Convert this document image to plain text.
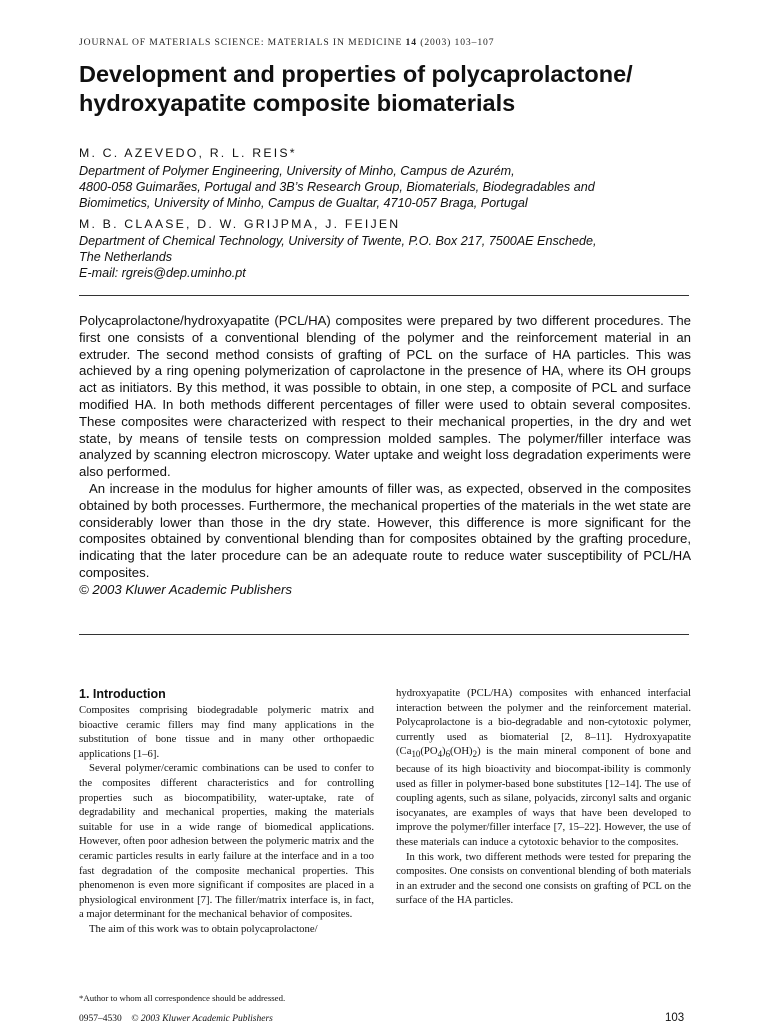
JOURNAL OF MATERIALS SCIENCE: MATERIALS IN MEDICINE 14 (2003) 103–107
Development and properties of polycaprolactone/
hydroxyapatite composite biomaterials
M. C. AZEVEDO, R. L. REIS*
Department of Polymer Engineering, University of Minho, Campus de Azurém,
4800-058 Guimarães, Portugal and 3B’s Research Group, Biomaterials, Biodegradables and
Biomimetics, University of Minho, Campus de Gualtar, 4710-057 Braga, Portugal
M. B. CLAASE, D. W. GRIJPMA, J. FEIJEN
Department of Chemical Technology, University of Twente, P.O. Box 217, 7500AE Enschede,
The Netherlands
E-mail: rgreis@dep.uminho.pt

Polycaprolactone/hydroxyapatite (PCL/HA) composites were prepared by two different procedures. The first one consists of a conventional blending of the polymer and the reinforcement material in an extruder. The second method consists of grafting of PCL on the surface of HA particles. This was achieved by a ring opening polymerization of caprolactone in the presence of HA, where its OH groups act as initiators. By this method, it was possible to obtain, in one step, a composite of PCL and surface modified HA. In both methods different percentages of filler were used to obtain several composites. These composites were characterized with respect to their mechanical properties, in the dry and wet state, by means of tensile tests on compression molded samples. The polymer/filler interface was analyzed by scanning electron microscopy. Water uptake and weight loss degradation experiments were also performed.

An increase in the modulus for higher amounts of filler was, as expected, observed in the composites obtained by both processes. Furthermore, the mechanical properties of the materials in the wet state are considerably lower than those in the dry state. However, this difference is more significant for the composites obtained by conventional blending than for composites obtained by the grafting procedure, indicating that the later procedure can be an adequate route to reduce water susceptibility of PCL/HA composites.

© 2003 Kluwer Academic Publishers
1. Introduction

Composites comprising biodegradable polymeric matrix and bioactive ceramic fillers may find many applications in the substitution of bone tissue and in many other orthopaedic applications [1–6].

Several polymer/ceramic combinations can be used to confer to the composites different characteristics and for controlling properties such as biocompatibility, water-uptake, rate of degradability and mechanical properties, making the materials suitable for use in a wide range of biomedical applications. However, often poor adhesion between the polymeric matrix and the ceramic particles results in early failure at the interface and in a too fast degradation of the composite mechanical properties. This phenomenon is even more significant if composites are placed in a physiological environment [7]. The filler/matrix interface is, in fact, a major determinant for the mechanical behavior of composites.

The aim of this work was to obtain polycaprolactone/

hydroxyapatite (PCL/HA) composites with enhanced interfacial interaction between the polymer and the reinforcement material. Polycaprolactone is a bio-degradable and non-cytotoxic polymer, currently used as biomaterial [2, 8–11]. Hydroxyapatite $(Ca_{10}(PO_4)_6(OH)_2)$ is the main mineral component of bone and because of its high bioactivity and biocompat-ibility is commonly used as filler in polymer-based bone substitutes [12–14]. The use of coupling agents, such as silane, polyacids, zirconyl salts and organic isocyanates, are examples of ways that have been developed to improve the polymer/filler interface [7, 15–22]. However, the use of these materials can induce a cytotoxic behavior to the composites.

In this work, two different methods were tested for preparing the composites. One consists on conventional blending of both materials in an extruder and the second one consists on grafting of PCL on the surface of the HA particles.

*Author to whom all correspondence should be addressed.
0957–4530 © 2003 Kluwer Academic Publishers	103
